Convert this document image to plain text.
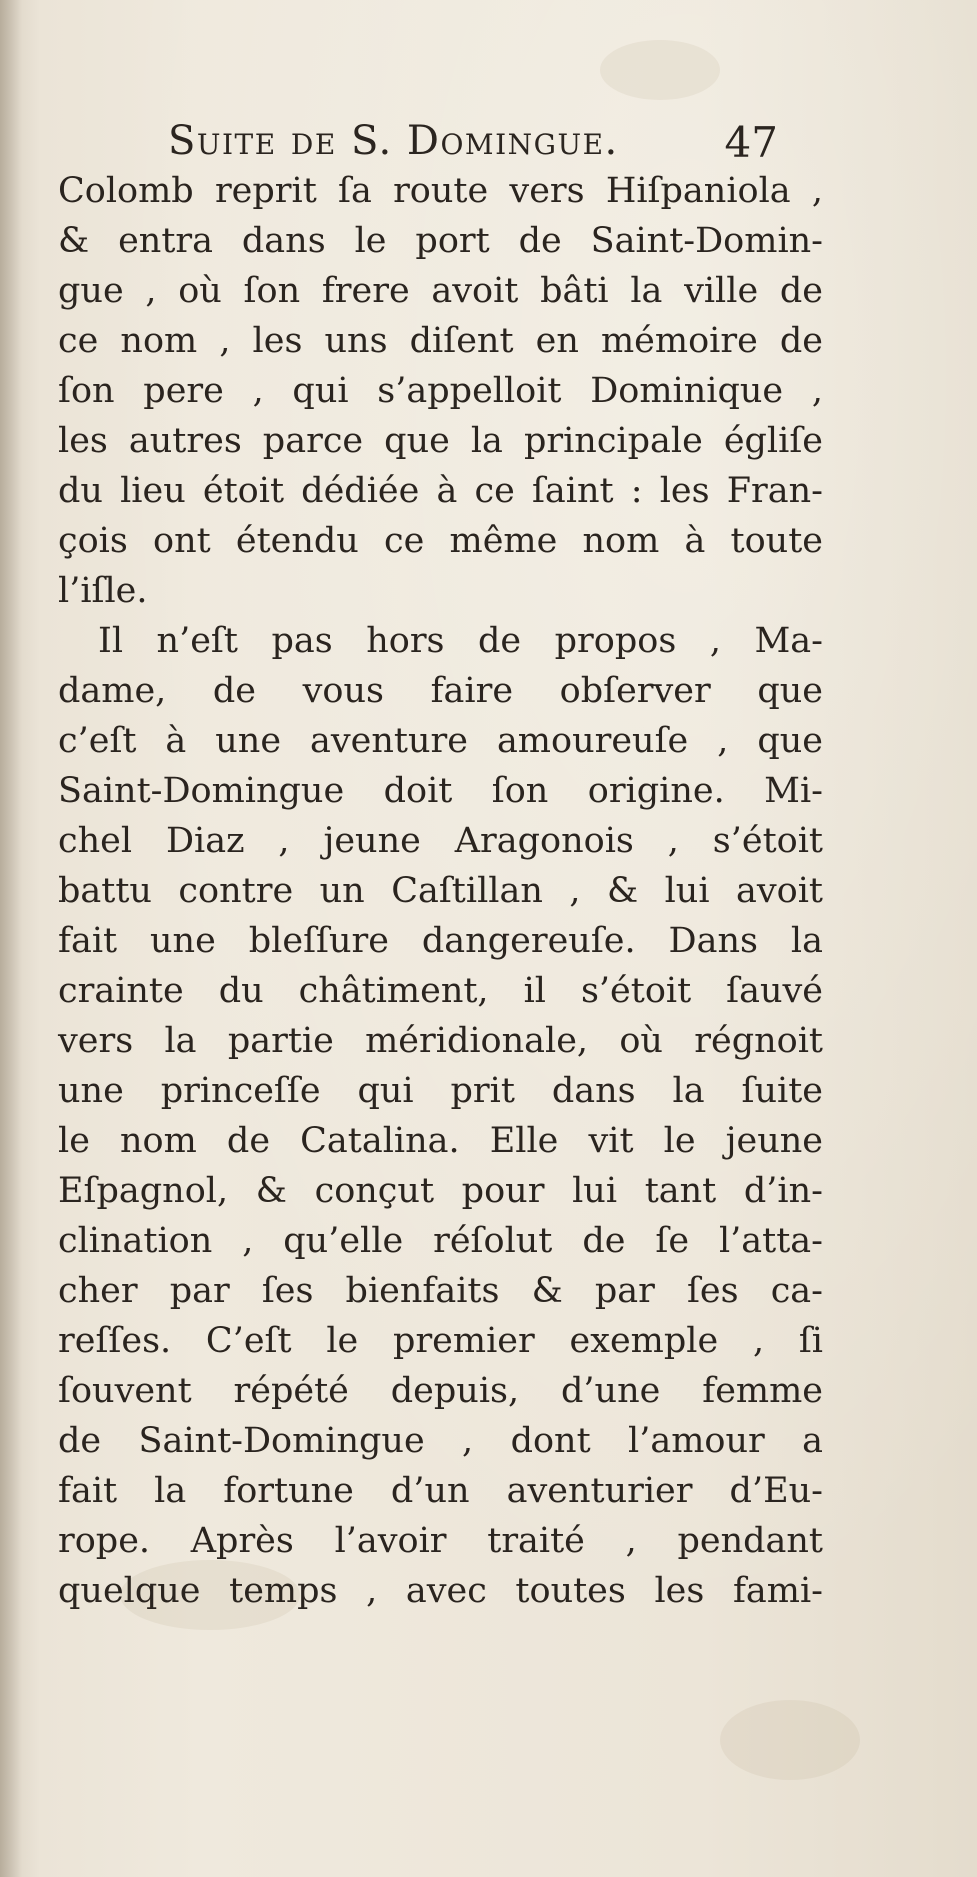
Suite de S. Domingue.	47
Colomb reprit ſa route vers Hiſpaniola ,
& entra dans le port de Saint-Domin-
gue , où ſon frere avoit bâti la ville de
ce nom , les uns diſent en mémoire de
ſon pere , qui s’appelloit Dominique ,
les autres parce que la principale égliſe
du lieu étoit dédiée à ce ſaint : les Fran-
çois ont étendu ce même nom à toute
l’iſle.
Il n’eſt pas hors de propos , Ma-
dame, de vous faire obſerver que
c’eſt à une aventure amoureuſe , que
Saint-Domingue doit ſon origine. Mi-
chel Diaz , jeune Aragonois , s’étoit
battu contre un Caſtillan , & lui avoit
fait une bleſſure dangereuſe. Dans la
crainte du châtiment, il s’étoit ſauvé
vers la partie méridionale, où régnoit
une princeſſe qui prit dans la ſuite
le nom de Catalina. Elle vit le jeune
Eſpagnol, & conçut pour lui tant d’in-
clination , qu’elle réſolut de ſe l’atta-
cher par ſes bienfaits & par ſes ca-
reſſes. C’eſt le premier exemple , ſi
ſouvent répété depuis, d’une femme
de Saint-Domingue , dont l’amour a
fait la fortune d’un aventurier d’Eu-
rope. Après l’avoir traité , pendant
quelque temps , avec toutes les fami-
